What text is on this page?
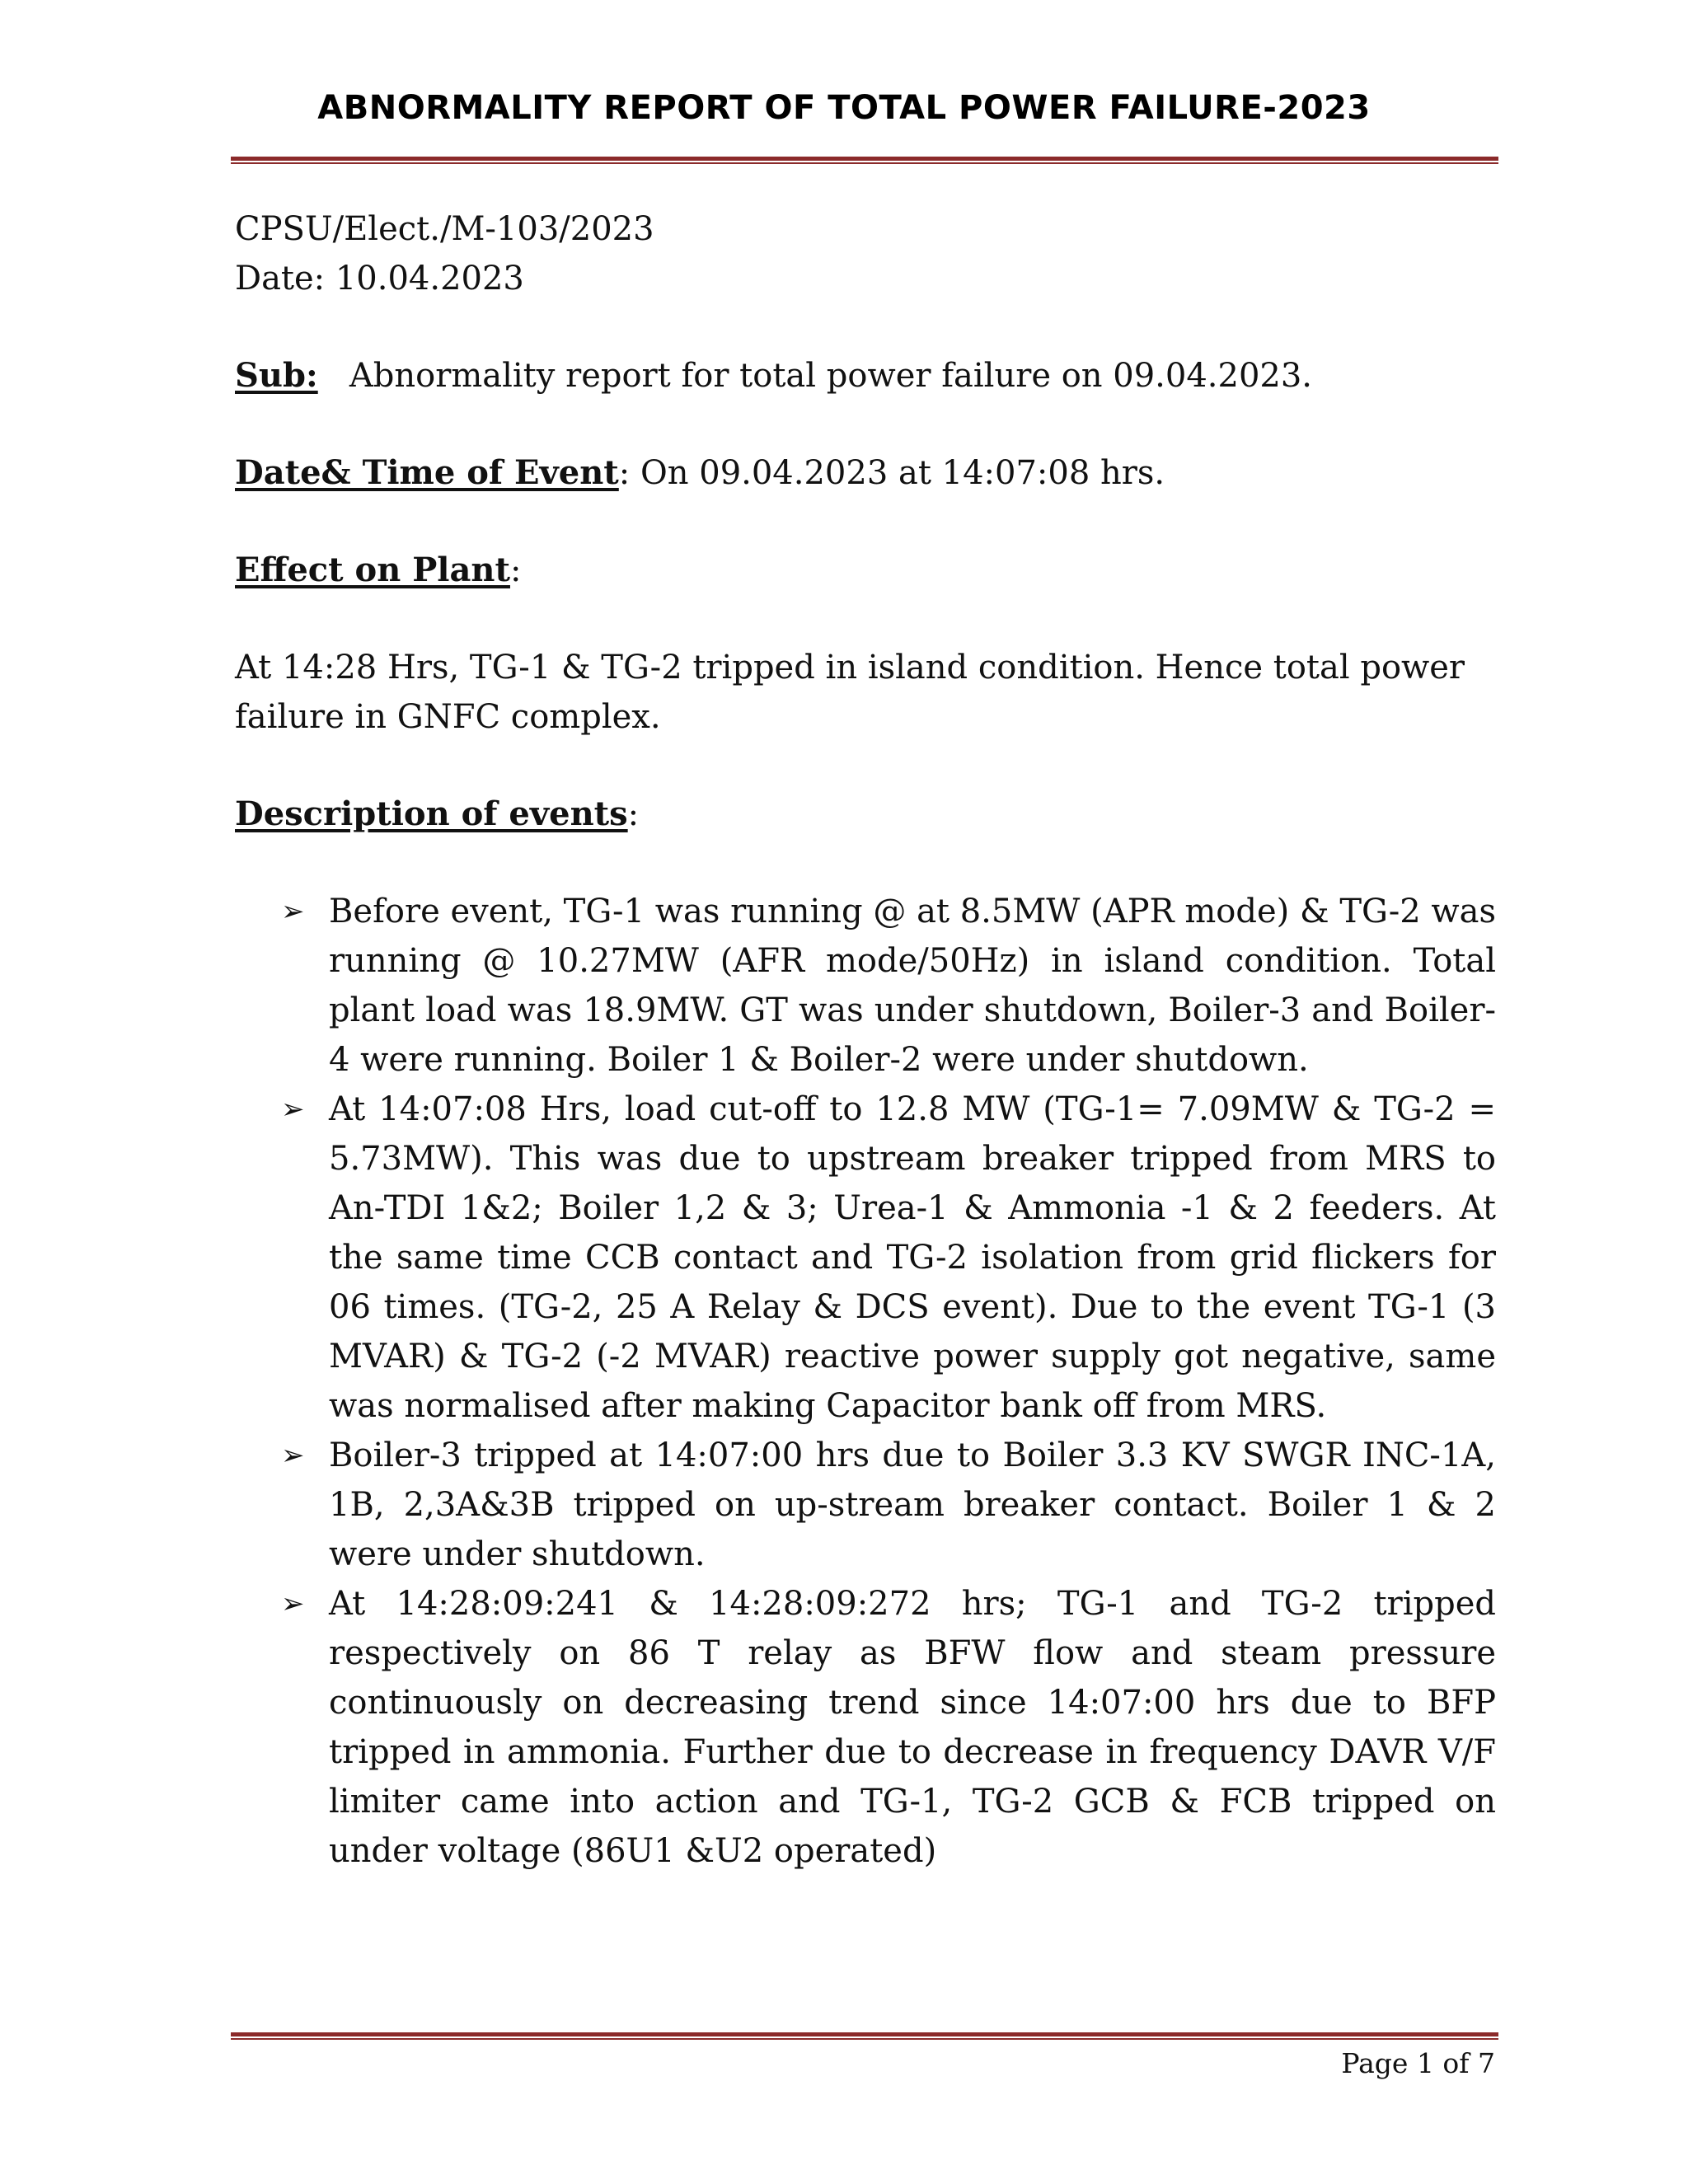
ABNORMALITY REPORT OF TOTAL POWER FAILURE-2023

CPSU/Elect./M-103/2023

Date: 10.04.2023

Sub: Abnormality report for total power failure on 09.04.2023.

Date& Time of Event: On 09.04.2023 at 14:07:08 hrs.

Effect on Plant:

At 14:28 Hrs, TG-1 & TG-2 tripped in island condition. Hence total power failure in GNFC complex.

Description of events:

➢ Before event, TG-1 was running @ at 8.5MW (APR mode) & TG-2 was running @ 10.27MW (AFR mode/50Hz) in island condition. Total plant load was 18.9MW. GT was under shutdown, Boiler-3 and Boiler-4 were running. Boiler 1 & Boiler-2 were under shutdown.
➢ At 14:07:08 Hrs, load cut-off to 12.8 MW (TG-1= 7.09MW & TG-2 = 5.73MW). This was due to upstream breaker tripped from MRS to An-TDI 1&2; Boiler 1,2 & 3; Urea-1 & Ammonia -1 & 2 feeders. At the same time CCB contact and TG-2 isolation from grid flickers for 06 times. (TG-2, 25 A Relay & DCS event). Due to the event TG-1 (3 MVAR) & TG-2 (-2 MVAR) reactive power supply got negative, same was normalised after making Capacitor bank off from MRS.
➢ Boiler-3 tripped at 14:07:00 hrs due to Boiler 3.3 KV SWGR INC-1A, 1B, 2,3A&3B tripped on up-stream breaker contact. Boiler 1 & 2 were under shutdown.
➢ At 14:28:09:241 & 14:28:09:272 hrs; TG-1 and TG-2 tripped respectively on 86 T relay as BFW flow and steam pressure continuously on decreasing trend since 14:07:00 hrs due to BFP tripped in ammonia. Further due to decrease in frequency DAVR V/F limiter came into action and TG-1, TG-2 GCB & FCB tripped on under voltage (86U1 &U2 operated)
Page 1 of 7
